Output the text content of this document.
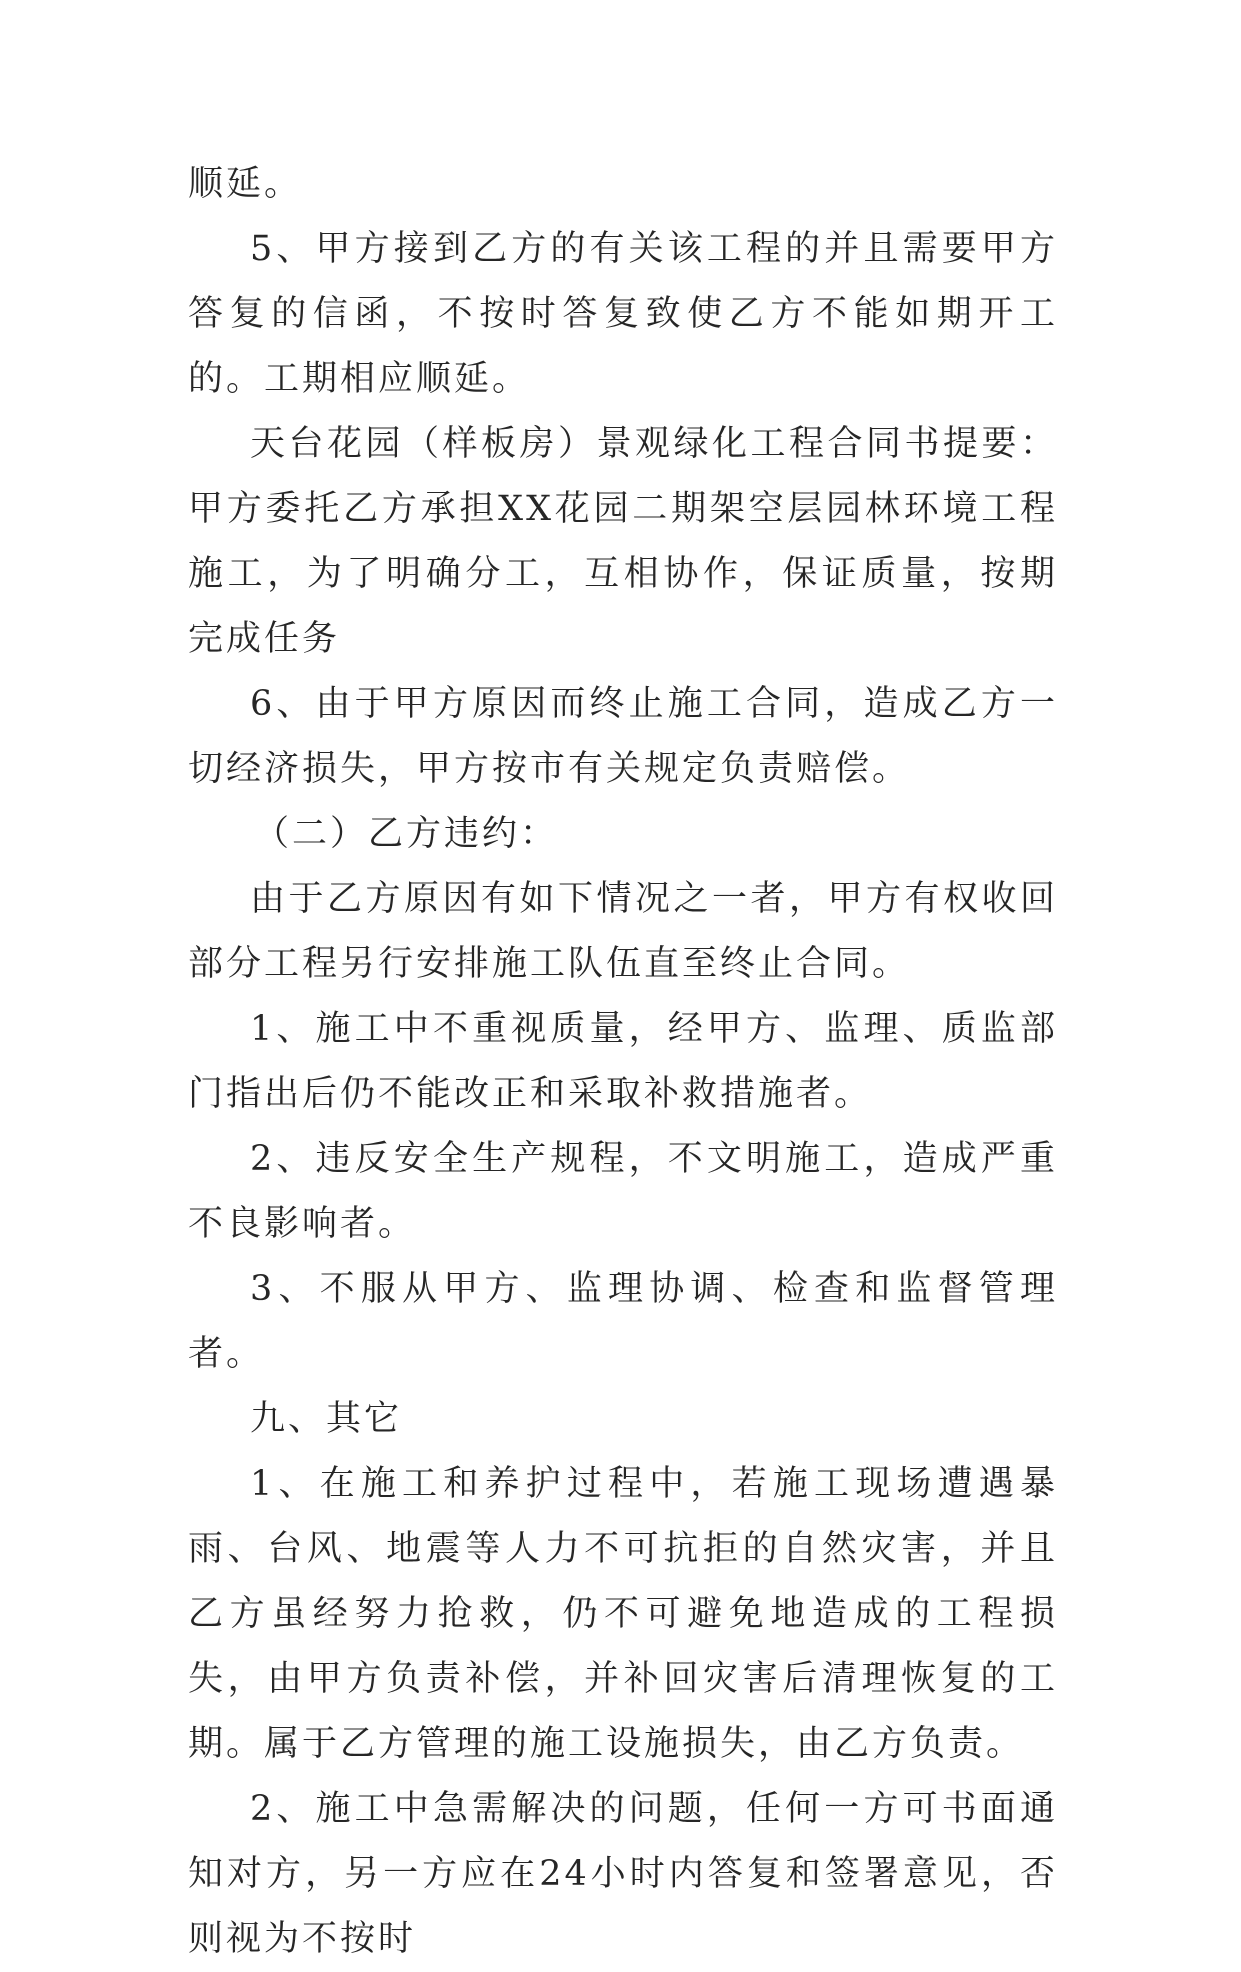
顺延。

5、甲方接到乙方的有关该工程的并且需要甲方答复的信函，不按时答复致使乙方不能如期开工的。工期相应顺延。

天台花园（样板房）景观绿化工程合同书提要：甲方委托乙方承担XX花园二期架空层园林环境工程施工，为了明确分工，互相协作，保证质量，按期完成任务

6、由于甲方原因而终止施工合同，造成乙方一切经济损失，甲方按市有关规定负责赔偿。

（二）乙方违约：

由于乙方原因有如下情况之一者，甲方有权收回部分工程另行安排施工队伍直至终止合同。

1、施工中不重视质量，经甲方、监理、质监部门指出后仍不能改正和采取补救措施者。

2、违反安全生产规程，不文明施工，造成严重不良影响者。

3、不服从甲方、监理协调、检查和监督管理者。

九、其它

1、在施工和养护过程中，若施工现场遭遇暴雨、台风、地震等人力不可抗拒的自然灾害，并且乙方虽经努力抢救，仍不可避免地造成的工程损失，由甲方负责补偿，并补回灾害后清理恢复的工期。属于乙方管理的施工设施损失，由乙方负责。

2、施工中急需解决的问题，任何一方可书面通知对方，另一方应在24小时内答复和签署意见，否则视为不按时
